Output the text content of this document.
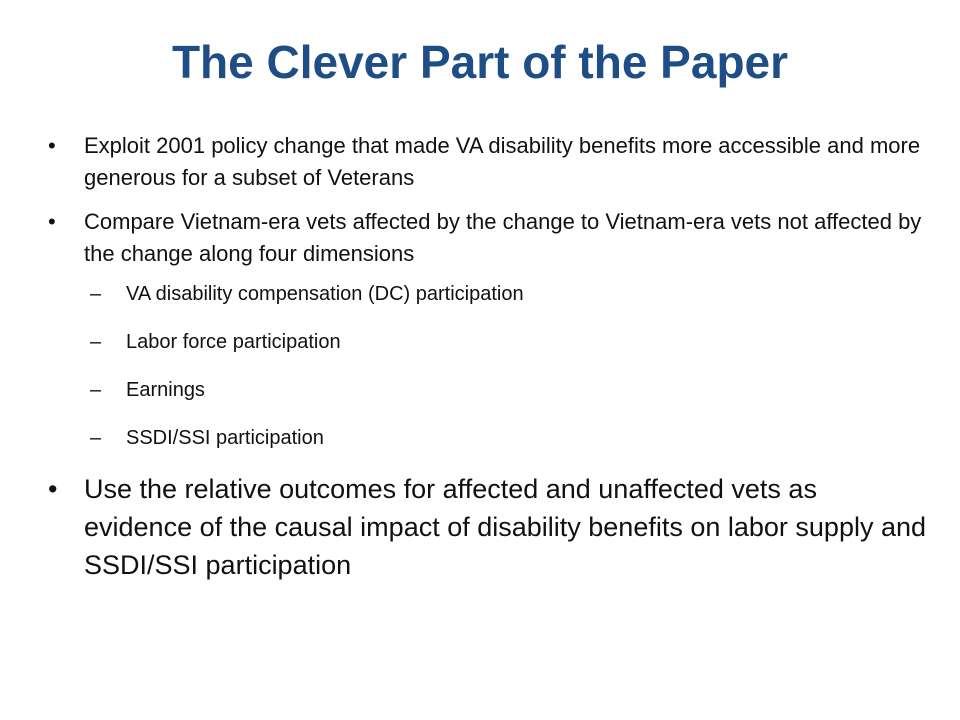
The Clever Part of the Paper
• Exploit 2001 policy change that made VA disability benefits more accessible and more generous for a subset of Veterans
• Compare Vietnam-era vets affected by the change to Vietnam-era vets not affected by the change along four dimensions
– VA disability compensation (DC) participation
– Labor force participation
– Earnings
– SSDI/SSI participation
• Use the relative outcomes for affected and unaffected vets as evidence of the causal impact of disability benefits on labor supply and SSDI/SSI participation
